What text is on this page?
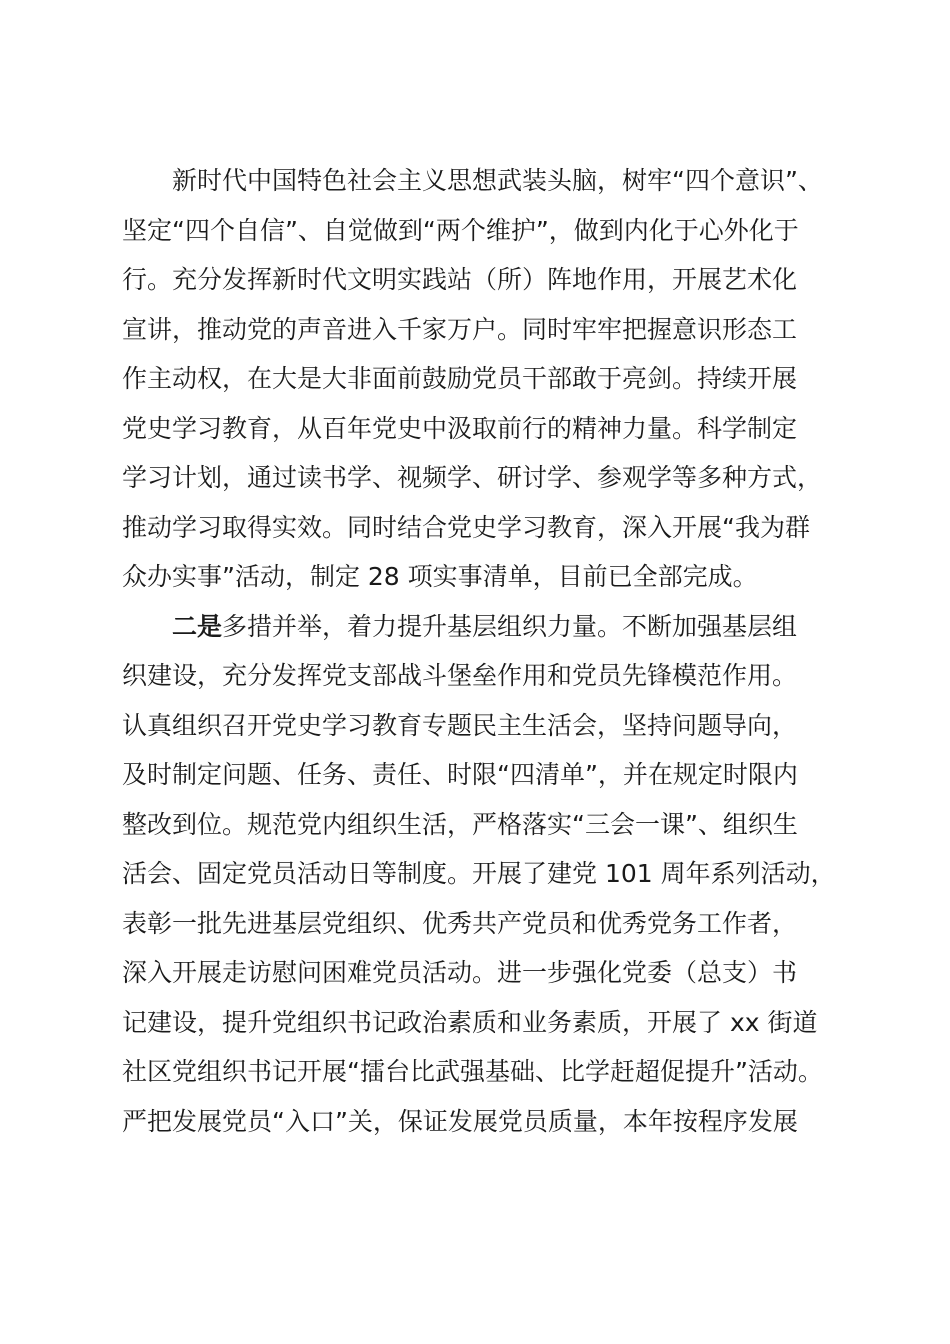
新时代中国特色社会主义思想武装头脑，树牢“四个意识”、
坚定“四个自信”、自觉做到“两个维护”，做到内化于心外化于
行。充分发挥新时代文明实践站（所）阵地作用，开展艺术化
宣讲，推动党的声音进入千家万户。同时牢牢把握意识形态工
作主动权，在大是大非面前鼓励党员干部敢于亮剑。持续开展
党史学习教育，从百年党史中汲取前行的精神力量。科学制定
学习计划，通过读书学、视频学、研讨学、参观学等多种方式，
推动学习取得实效。同时结合党史学习教育，深入开展“我为群
众办实事”活动，制定 28 项实事清单，目前已全部完成。
二是多措并举，着力提升基层组织力量。不断加强基层组
织建设，充分发挥党支部战斗堡垒作用和党员先锋模范作用。
认真组织召开党史学习教育专题民主生活会，坚持问题导向，
及时制定问题、任务、责任、时限“四清单”，并在规定时限内
整改到位。规范党内组织生活，严格落实“三会一课”、组织生
活会、固定党员活动日等制度。开展了建党 101 周年系列活动，
表彰一批先进基层党组织、优秀共产党员和优秀党务工作者，
深入开展走访慰问困难党员活动。进一步强化党委（总支）书
记建设，提升党组织书记政治素质和业务素质，开展了 xx 街道
社区党组织书记开展“擂台比武强基础、比学赶超促提升”活动。
严把发展党员“入口”关，保证发展党员质量，本年按程序发展
